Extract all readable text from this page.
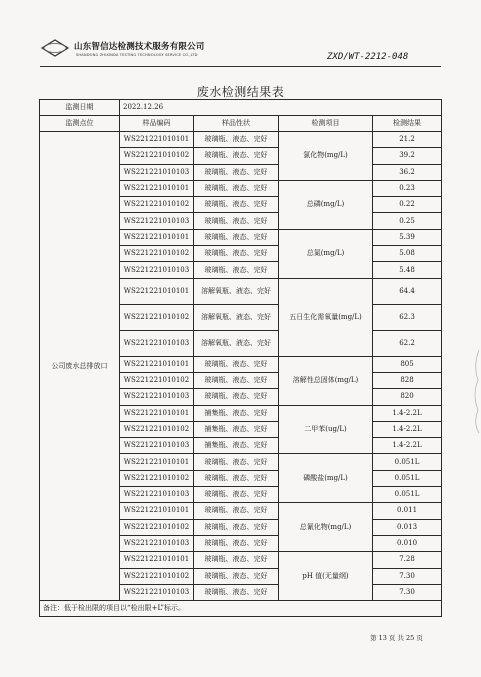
山东智信达检测技术服务有限公司
SHANDONG ZHIXINDA TESTING TECHNOLOGY SERVICE CO.,LTD	ZXD/WT-2212-048
废水检测结果表
监测日期	2022.12.26			
监测点位	样品编码	样品性状	检测项目	检测结果
公司废水总排放口	WS221221010101	玻璃瓶、液态、完好	氯化物(mg/L)	21.2
	WS221221010102	玻璃瓶、液态、完好		39.2
	WS221221010103	玻璃瓶、液态、完好		36.2
	WS221221010101	玻璃瓶、液态、完好	总磷(mg/L)	0.23
	WS221221010102	玻璃瓶、液态、完好		0.22
	WS221221010103	玻璃瓶、液态、完好		0.25
	WS221221010101	玻璃瓶、液态、完好	总氮(mg/L)	5.39
	WS221221010102	玻璃瓶、液态、完好		5.08
	WS221221010103	玻璃瓶、液态、完好		5.48
	WS221221010101	溶解氧瓶、液态、完好	五日生化需氧量(mg/L)	64.4
	WS221221010102	溶解氧瓶、液态、完好		62.3
	WS221221010103	溶解氧瓶、液态、完好		62.2
	WS221221010101	玻璃瓶、液态、完好	溶解性总固体(mg/L)	805
	WS221221010102	玻璃瓶、液态、完好		828
	WS221221010103	玻璃瓶、液态、完好		820
	WS221221010101	捕集瓶、液态、完好	二甲苯(ug/L)	1.4-2.2L
	WS221221010102	捕集瓶、液态、完好		1.4-2.2L
	WS221221010103	捕集瓶、液态、完好		1.4-2.2L
	WS221221010101	玻璃瓶、液态、完好	磷酸盐(mg/L)	0.051L
	WS221221010102	玻璃瓶、液态、完好		0.051L
	WS221221010103	玻璃瓶、液态、完好		0.051L
	WS221221010101	玻璃瓶、液态、完好	总氰化物(mg/L)	0.011
	WS221221010102	玻璃瓶、液态、完好		0.013
	WS221221010103	玻璃瓶、液态、完好		0.010
	WS221221010101	玻璃瓶、液态、完好	pH 值(无量纲)	7.28
	WS221221010102	玻璃瓶、液态、完好		7.30
	WS221221010103	玻璃瓶、液态、完好		7.30
备注：低于检出限的项目以“检出限+L”标示。				
第 13 页 共 25 页
